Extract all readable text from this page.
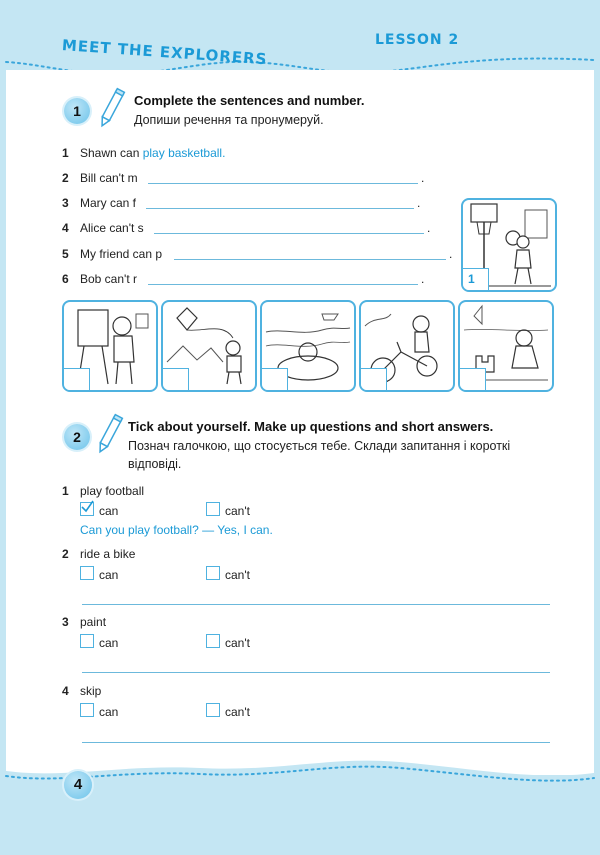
MEET THE EXPLORERS	LESSON 2
1
Complete the sentences and number.
Допиши речення та пронумеруй.
1 Shawn can play basketball.
2 Bill can't m	.
3 Mary can f	.
4 Alice can't s	.
5 My friend can p	.
6 Bob can't r	.	1
2
Tick about yourself. Make up questions and short answers.
Познач галочкою, що стосується тебе. Склади запитання і короткі
відповіді.
1 play football
can	can't
Can you play football? — Yes, I can.
2 ride a bike
can	can't
3 paint
can	can't
4 skip
can	can't
4
